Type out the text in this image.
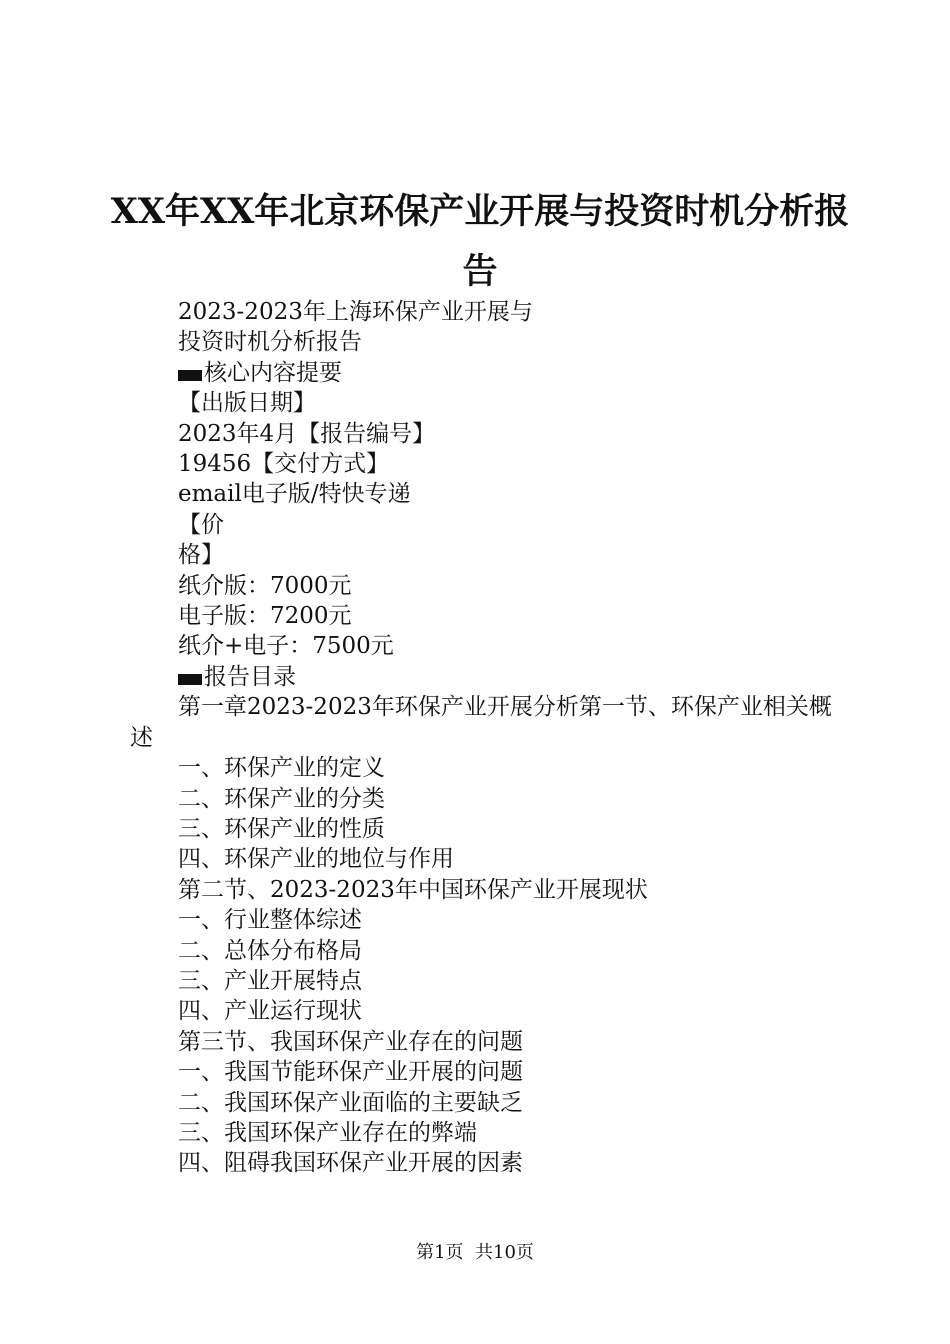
XX年XX年北京环保产业开展与投资时机分析报告
2023-2023年上海环保产业开展与
投资时机分析报告
核心内容提要
【出版日期】
2023年4月【报告编号】
19456【交付方式】
email电子版/特快专递
【价
格】
纸介版：7000元
电子版：7200元
纸介+电子：7500元
报告目录
第一章2023-2023年环保产业开展分析第一节、环保产业相关概述
一、环保产业的定义
二、环保产业的分类
三、环保产业的性质
四、环保产业的地位与作用
第二节、2023-2023年中国环保产业开展现状
一、行业整体综述
二、总体分布格局
三、产业开展特点
四、产业运行现状
第三节、我国环保产业存在的问题
一、我国节能环保产业开展的问题
二、我国环保产业面临的主要缺乏
三、我国环保产业存在的弊端
四、阻碍我国环保产业开展的因素
第1页  共10页
